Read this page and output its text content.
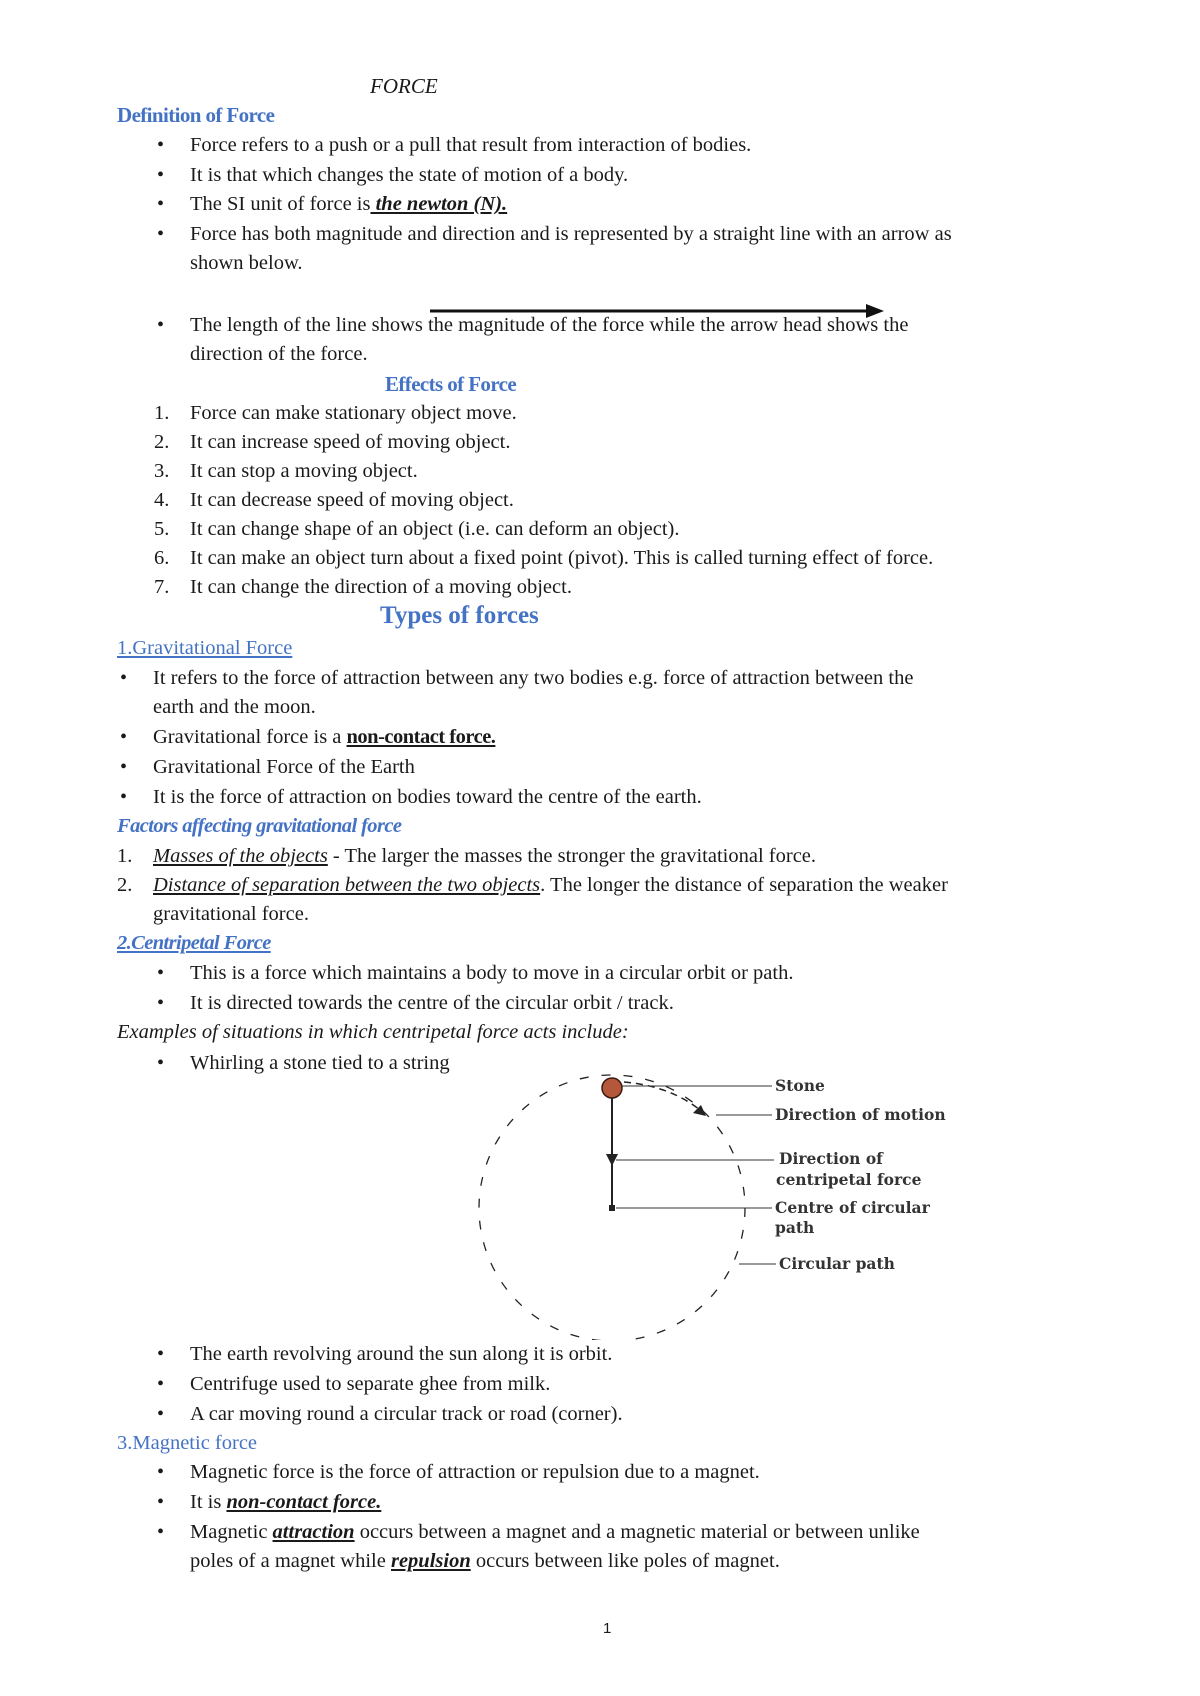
FORCE
Definition of Force
• Force refers to a push or a pull that result from interaction of bodies.
• It is that which changes the state of motion of a body.
• The SI unit of force is the newton (N).
• Force has both magnitude and direction and is represented by a straight line with an arrow as
shown below.
• The length of the line shows the magnitude of the force while the arrow head shows the
direction of the force.
Effects of Force
1. Force can make stationary object move.
2. It can increase speed of moving object.
3. It can stop a moving object.
4. It can decrease speed of moving object.
5. It can change shape of an object (i.e. can deform an object).
6. It can make an object turn about a fixed point (pivot). This is called turning effect of force.
7. It can change the direction of a moving object.
Types of forces
1.Gravitational Force
• It refers to the force of attraction between any two bodies e.g. force of attraction between the
earth and the moon.
• Gravitational force is a non-contact force.
• Gravitational Force of the Earth
• It is the force of attraction on bodies toward the centre of the earth.
Factors affecting gravitational force
1. Masses of the objects - The larger the masses the stronger the gravitational force.
2. Distance of separation between the two objects. The longer the distance of separation the weaker
gravitational force.
2.Centripetal Force
• This is a force which maintains a body to move in a circular orbit or path.
• It is directed towards the centre of the circular orbit / track.
Examples of situations in which centripetal force acts include:
• Whirling a stone tied to a string
Stone
Direction of motion
Direction of
centripetal force
Centre of circular
path
Circular path
• The earth revolving around the sun along it is orbit.
• Centrifuge used to separate ghee from milk.
• A car moving round a circular track or road (corner).
3.Magnetic force
• Magnetic force is the force of attraction or repulsion due to a magnet.
• It is non-contact force.
• Magnetic attraction occurs between a magnet and a magnetic material or between unlike
poles of a magnet while repulsion occurs between like poles of magnet.
1
